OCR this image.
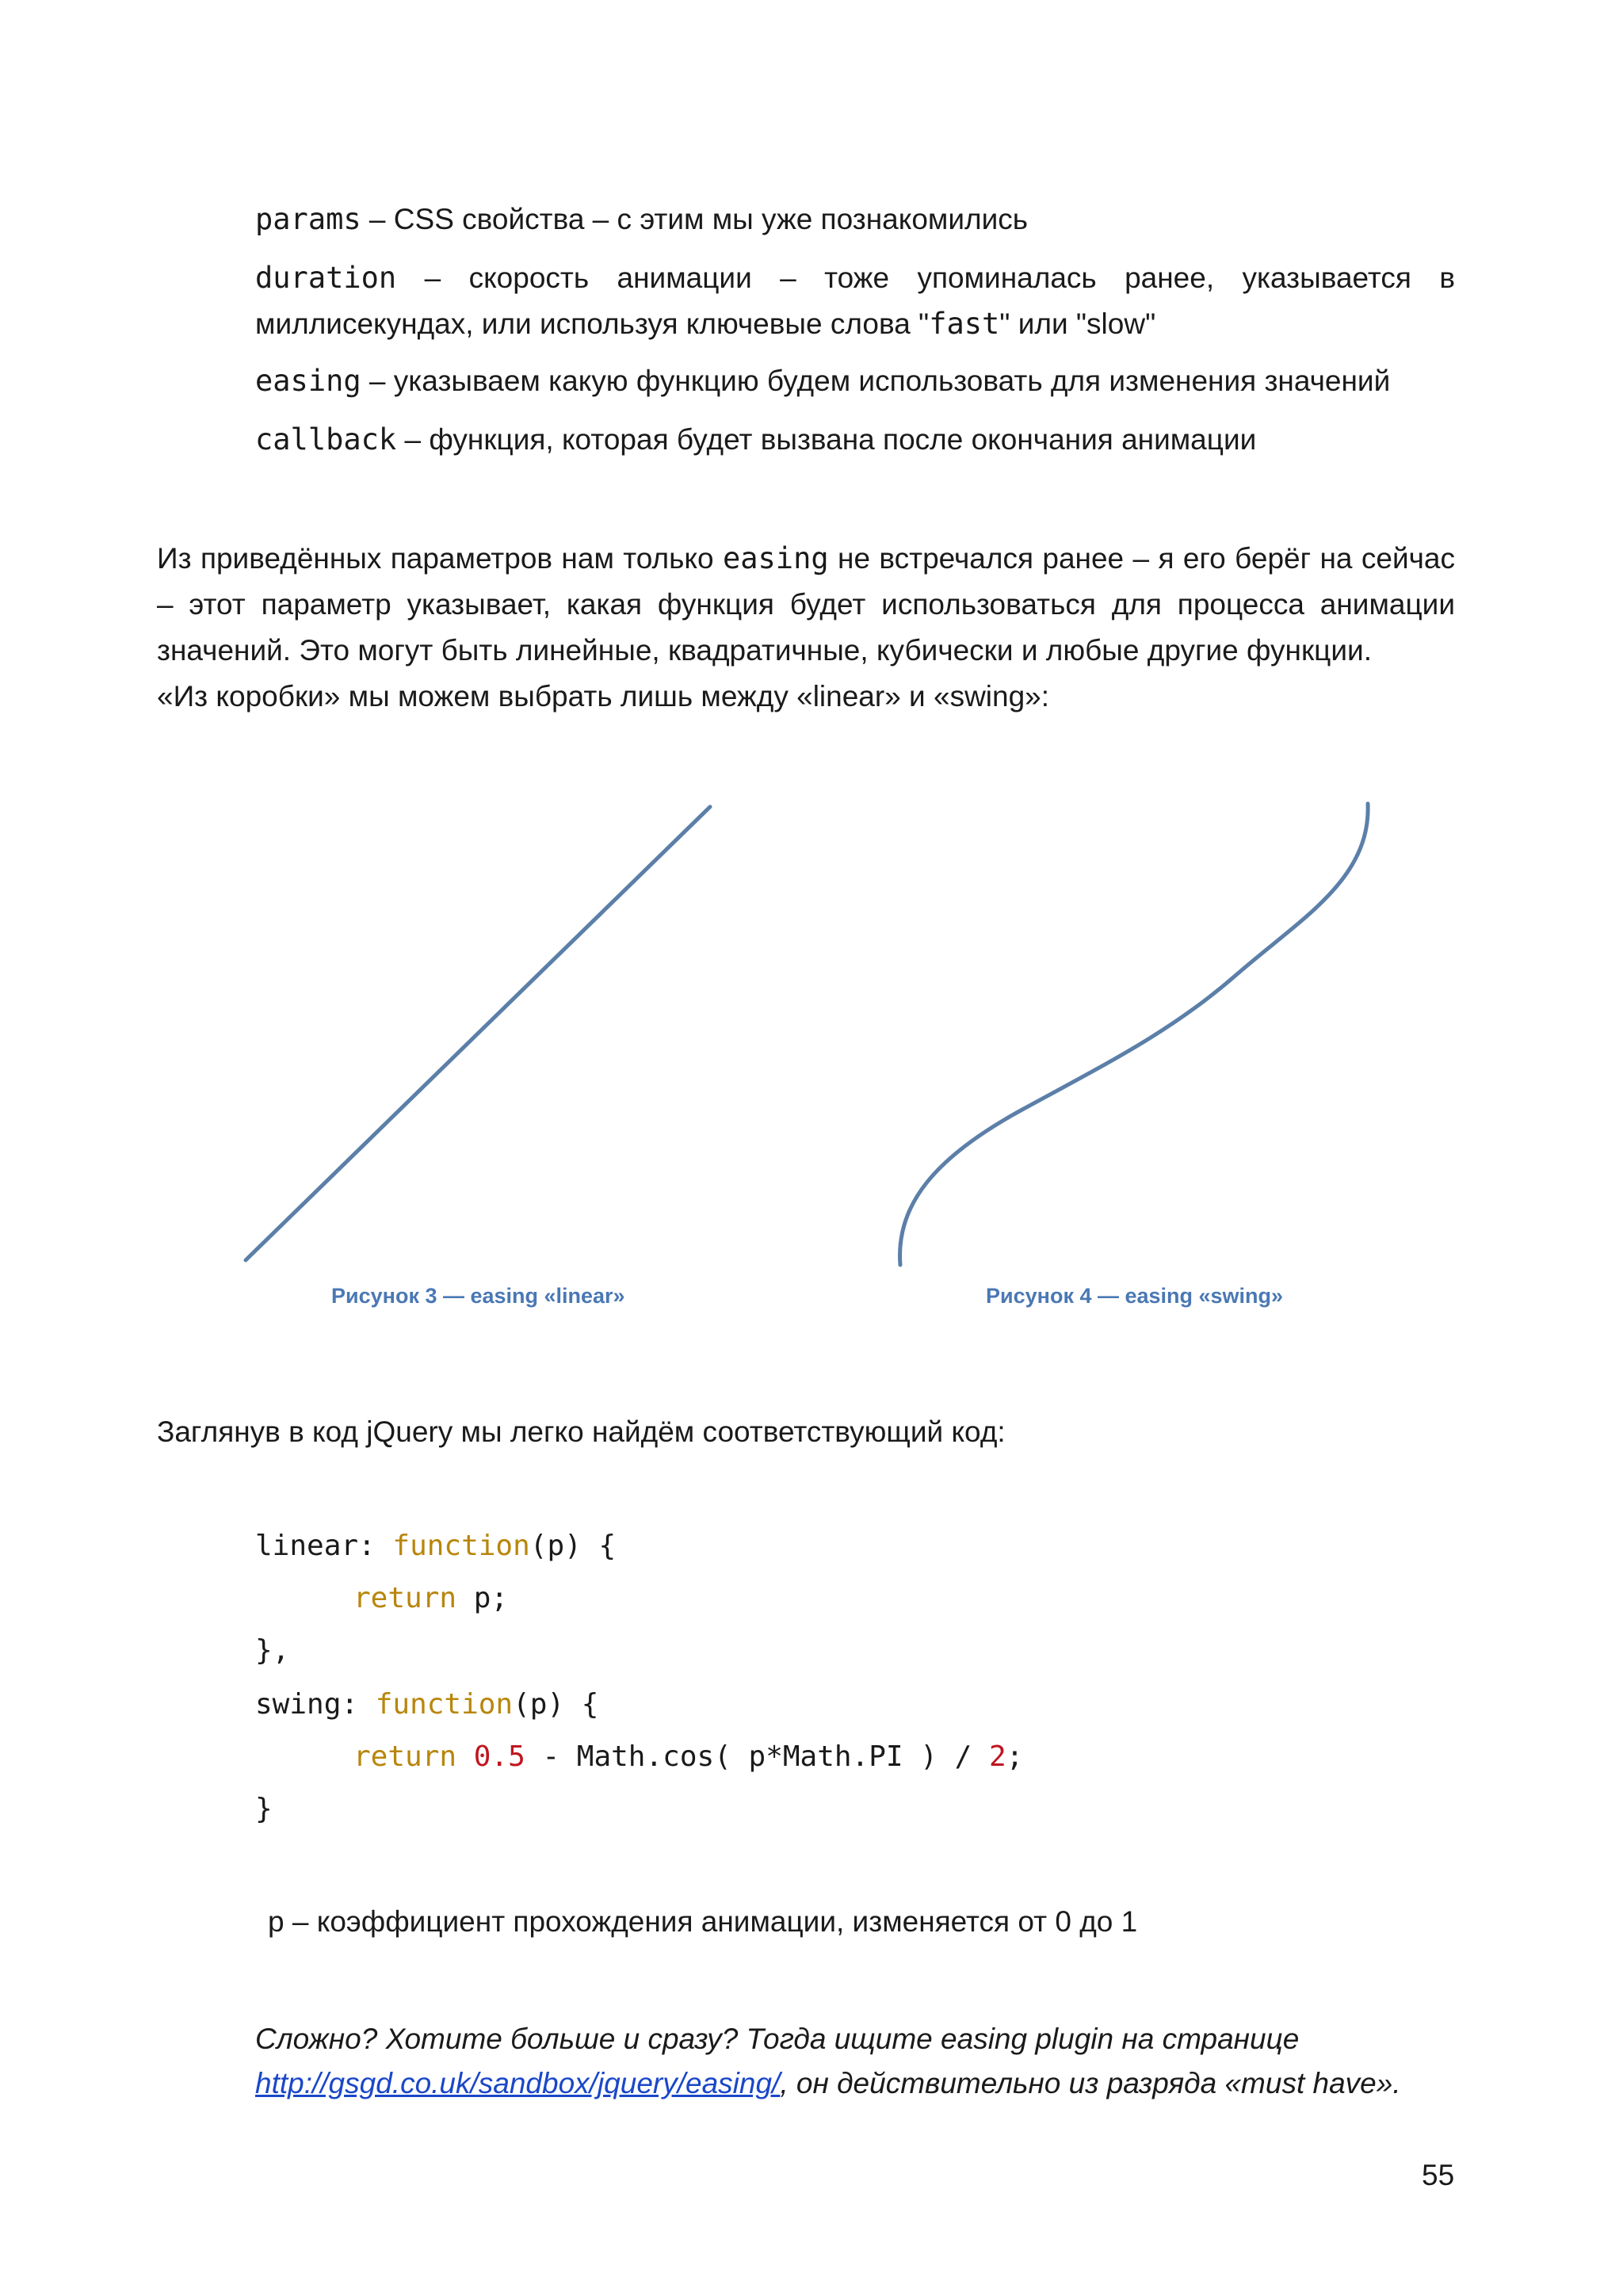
params – CSS свойства – с этим мы уже познакомились

duration – скорость анимации – тоже упоминалась ранее, указывается в миллисекундах, или используя ключевые слова "fast" или "slow"

easing – указываем какую функцию будем использовать для изменения значений

callback – функция, которая будет вызвана после окончания анимации

Из приведённых параметров нам только easing не встречался ранее – я его берёг на сейчас – этот параметр указывает, какая функция будет использоваться для процесса анимации значений. Это могут быть линейные, квадратичные, кубически и любые другие функции.
«Из коробки» мы можем выбрать лишь между «linear» и «swing»:

Рисунок 3 — easing «linear»	Рисунок 4 — easing «swing»
Заглянув в код jQuery мы легко найдём соответствующий код:
linear: function(p) {
return p;
},
swing: function(p) {
return 0.5 - Math.cos( p*Math.PI ) / 2;
}
p – коэффициент прохождения анимации, изменяется от 0 до 1
Сложно? Хотите больше и сразу? Тогда ищите easing plugin на странице
http://gsgd.co.uk/sandbox/jquery/easing/, он действительно из разряда «must have».
55
